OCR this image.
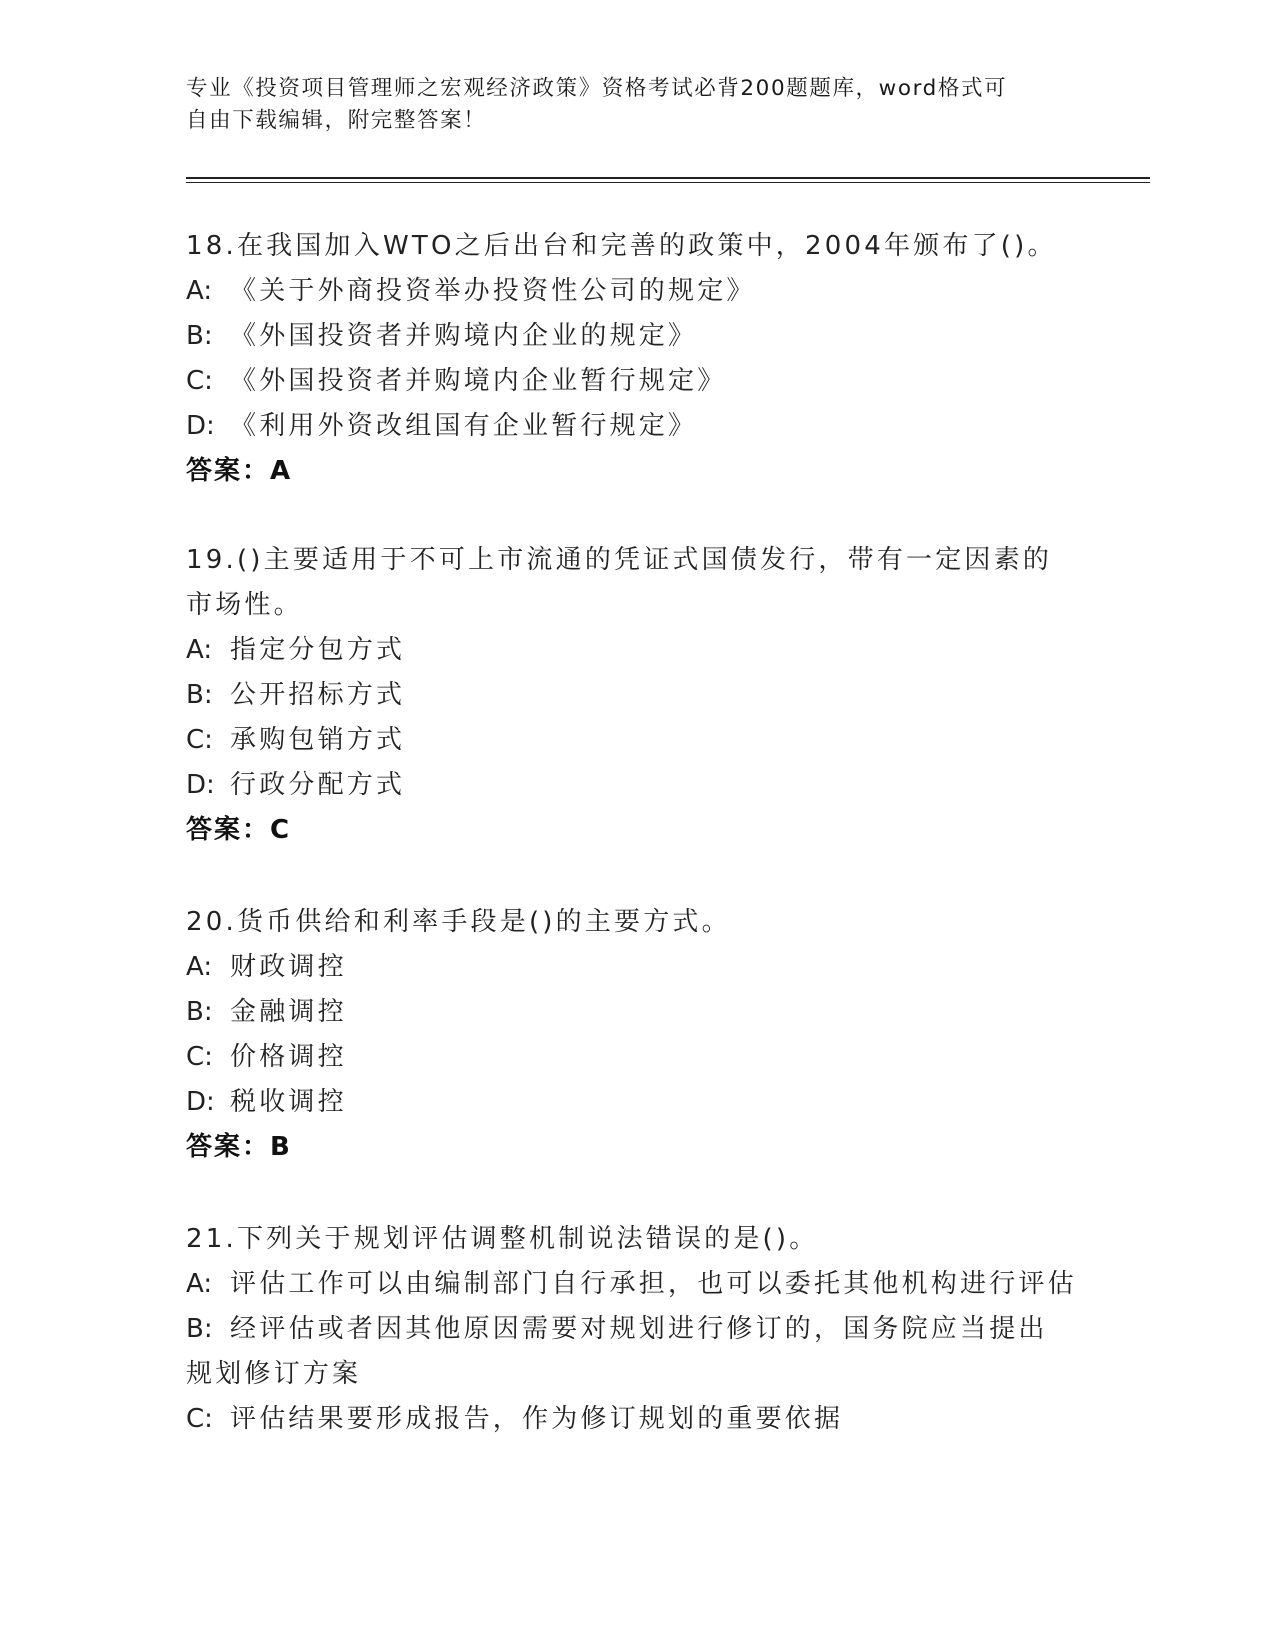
专业《投资项目管理师之宏观经济政策》资格考试必背200题题库，word格式可
自由下载编辑，附完整答案！

18.在我国加入WTO之后出台和完善的政策中，2004年颁布了()。

A: 《关于外商投资举办投资性公司的规定》

B: 《外国投资者并购境内企业的规定》

C: 《外国投资者并购境内企业暂行规定》

D: 《利用外资改组国有企业暂行规定》

答案：A

19.()主要适用于不可上市流通的凭证式国债发行，带有一定因素的市场性。

A: 指定分包方式

B: 公开招标方式

C: 承购包销方式

D: 行政分配方式

答案：C

20.货币供给和利率手段是()的主要方式。

A: 财政调控

B: 金融调控

C: 价格调控

D: 税收调控

答案：B

21.下列关于规划评估调整机制说法错误的是()。

A: 评估工作可以由编制部门自行承担，也可以委托其他机构进行评估

B: 经评估或者因其他原因需要对规划进行修订的，国务院应当提出规划修订方案

C: 评估结果要形成报告，作为修订规划的重要依据
